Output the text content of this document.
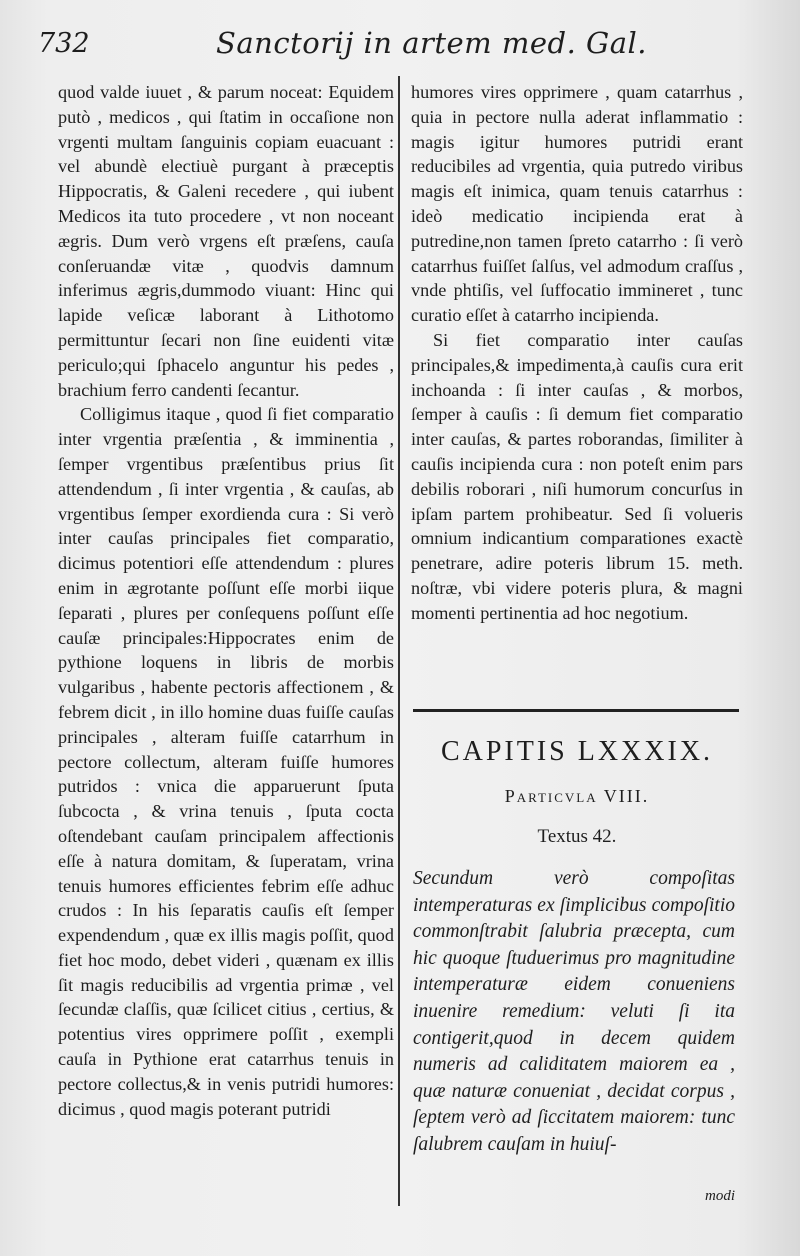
732	Sanctorij in artem med. Gal.

quod valde iuuet , & parum noceat: Equidem putò , medicos , qui ſtatim in occaſione non vrgenti multam ſanguinis copiam euacuant : vel abundè electiuè purgant à præceptis Hippocratis, & Galeni recedere , qui iubent Medicos ita tuto procedere , vt non noceant ægris. Dum verò vrgens eſt præſens, cauſa conſeruandæ vitæ , quodvis damnum inferimus ægris,dummodo viuant: Hinc qui lapide veſicæ laborant à Lithotomo permittuntur ſecari non ſine euidenti vitæ periculo;qui ſphacelo anguntur his pedes , brachium ferro candenti ſecantur.

Colligimus itaque , quod ſi fiet comparatio inter vrgentia præſentia , & imminentia , ſemper vrgentibus præſentibus prius ſit attendendum , ſi inter vrgentia , & cauſas, ab vrgentibus ſemper exordienda cura : Si verò inter cauſas principales fiet comparatio, dicimus potentiori eſſe attendendum : plures enim in ægrotante poſſunt eſſe morbi iique ſeparati , plures per conſequens poſſunt eſſe cauſæ principales:Hippocrates enim de pythione loquens in libris de morbis vulgaribus , habente pectoris affectionem , & febrem dicit , in illo homine duas fuiſſe cauſas principales , alteram fuiſſe catarrhum in pectore collectum, alteram fuiſſe humores putridos : vnica die apparuerunt ſputa ſubcocta , & vrina tenuis , ſputa cocta oſtendebant cauſam principalem affectionis eſſe à natura domitam, & ſuperatam, vrina tenuis humores efficientes febrim eſſe adhuc crudos : In his ſeparatis cauſis eſt ſemper expendendum , quæ ex illis magis poſſit, quod fiet hoc modo, debet videri , quænam ex illis ſit magis reducibilis ad vrgentia primæ , vel ſecundæ claſſis, quæ ſcilicet citius , certius, & potentius vires opprimere poſſit , exempli cauſa in Pythione erat catarrhus tenuis in pectore collectus,& in venis putridi humores: dicimus , quod magis poterant putridi

humores vires opprimere , quam catarrhus , quia in pectore nulla aderat inflammatio : magis igitur humores putridi erant reducibiles ad vrgentia, quia putredo viribus magis eſt inimica, quam tenuis catarrhus : ideò medicatio incipienda erat à putredine,non tamen ſpreto catarrho : ſi verò catarrhus fuiſſet ſalſus, vel admodum craſſus , vnde phtiſis, vel ſuffocatio immineret , tunc curatio eſſet à catarrho incipienda.

Si fiet comparatio inter cauſas principales,& impedimenta,à cauſis cura erit inchoanda : ſi inter cauſas , & morbos, ſemper à cauſis : ſi demum fiet comparatio inter cauſas, & partes roborandas, ſimiliter à cauſis incipienda cura : non poteſt enim pars debilis roborari , niſi humorum concurſus in ipſam partem prohibeatur. Sed ſi volueris omnium indicantium comparationes exactè penetrare, adire poteris librum 15. meth. noſtræ, vbi videre poteris plura, & magni momenti pertinentia ad hoc negotium.

CAPITIS LXXXIX.
Particvla VIII.
Textus 42.

Secundum verò compoſitas intemperaturas ex ſimplicibus compoſitio commonſtrabit ſalubria præcepta, cum hic quoque ſtuduerimus pro magnitudine intemperaturæ eidem conueniens inuenire remedium: veluti ſi ita contigerit,quod in decem quidem numeris ad caliditatem maiorem ea , quæ naturæ conueniat , decidat corpus , ſeptem verò ad ſiccitatem maiorem: tunc ſalubrem cauſam in huiuſ-

modi
